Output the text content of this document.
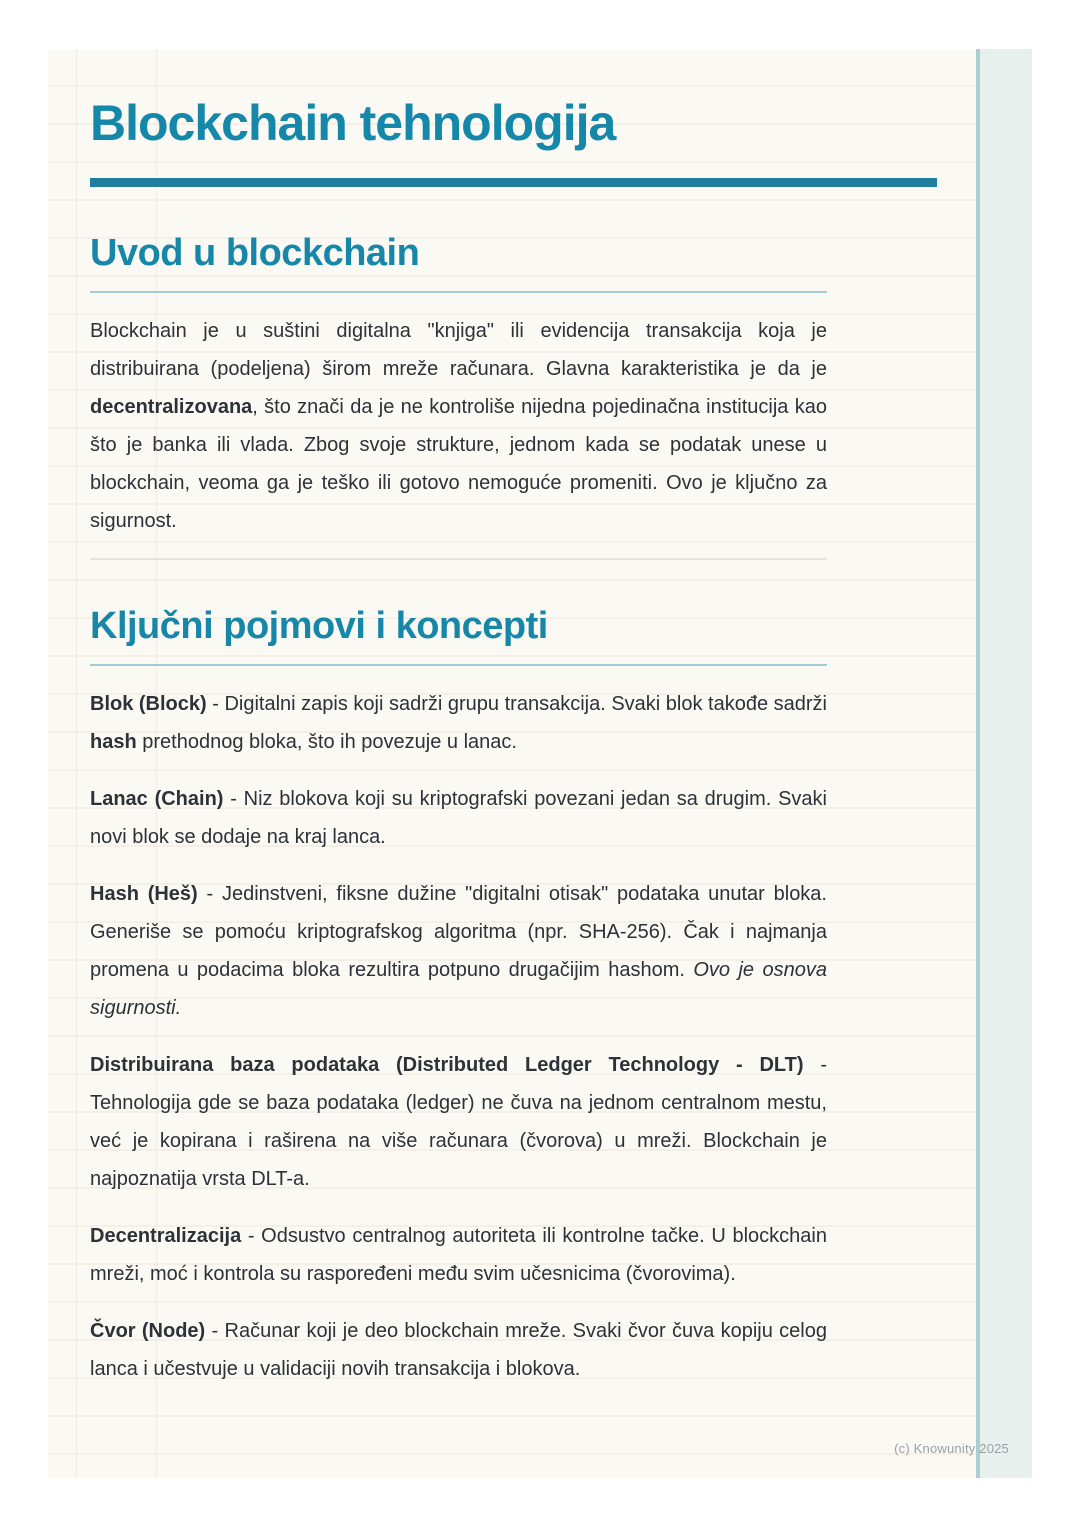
Blockchain tehnologija
Uvod u blockchain

Blockchain je u suštini digitalna "knjiga" ili evidencija transakcija koja je distribuirana (podeljena) širom mreže računara. Glavna karakteristika je da je decentralizovana, što znači da je ne kontroliše nijedna pojedinačna institucija kao što je banka ili vlada. Zbog svoje strukture, jednom kada se podatak unese u blockchain, veoma ga je teško ili gotovo nemoguće promeniti. Ovo je ključno za sigurnost.

Ključni pojmovi i koncepti

Blok (Block) - Digitalni zapis koji sadrži grupu transakcija. Svaki blok takođe sadrži hash prethodnog bloka, što ih povezuje u lanac.

Lanac (Chain) - Niz blokova koji su kriptografski povezani jedan sa drugim. Svaki novi blok se dodaje na kraj lanca.

Hash (Heš) - Jedinstveni, fiksne dužine "digitalni otisak" podataka unutar bloka. Generiše se pomoću kriptografskog algoritma (npr. SHA-256). Čak i najmanja promena u podacima bloka rezultira potpuno drugačijim hashom. Ovo je osnova sigurnosti.

Distribuirana baza podataka (Distributed Ledger Technology - DLT) - Tehnologija gde se baza podataka (ledger) ne čuva na jednom centralnom mestu, već je kopirana i raširena na više računara (čvorova) u mreži. Blockchain je najpoznatija vrsta DLT-a.

Decentralizacija - Odsustvo centralnog autoriteta ili kontrolne tačke. U blockchain mreži, moć i kontrola su raspoređeni među svim učesnicima (čvorovima).

Čvor (Node) - Računar koji je deo blockchain mreže. Svaki čvor čuva kopiju celog lanca i učestvuje u validaciji novih transakcija i blokova.

(c) Knowunity 2025
